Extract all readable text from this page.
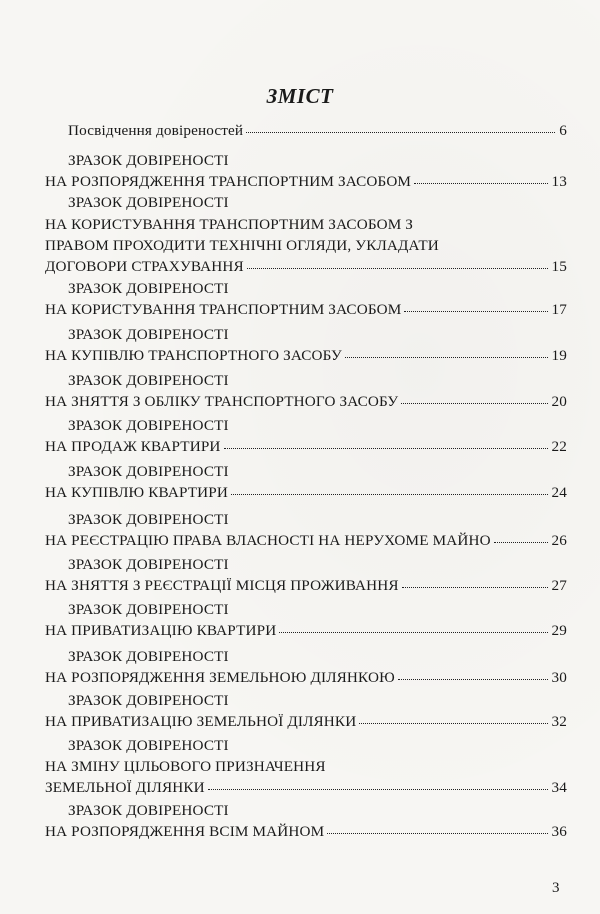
ЗМІСТ
Посвідчення довіреностей	6
ЗРАЗОК ДОВІРЕНОСТІ
НА РОЗПОРЯДЖЕННЯ ТРАНСПОРТНИМ ЗАСОБОМ	13
ЗРАЗОК ДОВІРЕНОСТІ
НА КОРИСТУВАННЯ ТРАНСПОРТНИМ ЗАСОБОМ З
ПРАВОМ ПРОХОДИТИ ТЕХНІЧНІ ОГЛЯДИ, УКЛАДАТИ
ДОГОВОРИ СТРАХУВАННЯ	15
ЗРАЗОК ДОВІРЕНОСТІ
НА КОРИСТУВАННЯ ТРАНСПОРТНИМ ЗАСОБОМ	17
ЗРАЗОК ДОВІРЕНОСТІ
НА КУПІВЛЮ ТРАНСПОРТНОГО ЗАСОБУ	19
ЗРАЗОК ДОВІРЕНОСТІ
НА ЗНЯТТЯ З ОБЛІКУ ТРАНСПОРТНОГО ЗАСОБУ	20
ЗРАЗОК ДОВІРЕНОСТІ
НА ПРОДАЖ КВАРТИРИ	22
ЗРАЗОК ДОВІРЕНОСТІ
НА КУПІВЛЮ КВАРТИРИ	24
ЗРАЗОК ДОВІРЕНОСТІ
НА РЕЄСТРАЦІЮ ПРАВА ВЛАСНОСТІ НА НЕРУХОМЕ МАЙНО	26
ЗРАЗОК ДОВІРЕНОСТІ
НА ЗНЯТТЯ З РЕЄСТРАЦІЇ МІСЦЯ ПРОЖИВАННЯ	27
ЗРАЗОК ДОВІРЕНОСТІ
НА ПРИВАТИЗАЦІЮ КВАРТИРИ	29
ЗРАЗОК ДОВІРЕНОСТІ
НА РОЗПОРЯДЖЕННЯ ЗЕМЕЛЬНОЮ ДІЛЯНКОЮ	30
ЗРАЗОК ДОВІРЕНОСТІ
НА ПРИВАТИЗАЦІЮ ЗЕМЕЛЬНОЇ ДІЛЯНКИ	32
ЗРАЗОК ДОВІРЕНОСТІ
НА ЗМІНУ ЦІЛЬОВОГО ПРИЗНАЧЕННЯ
ЗЕМЕЛЬНОЇ ДІЛЯНКИ	34
ЗРАЗОК ДОВІРЕНОСТІ
НА РОЗПОРЯДЖЕННЯ ВСІМ МАЙНОМ	36
3
